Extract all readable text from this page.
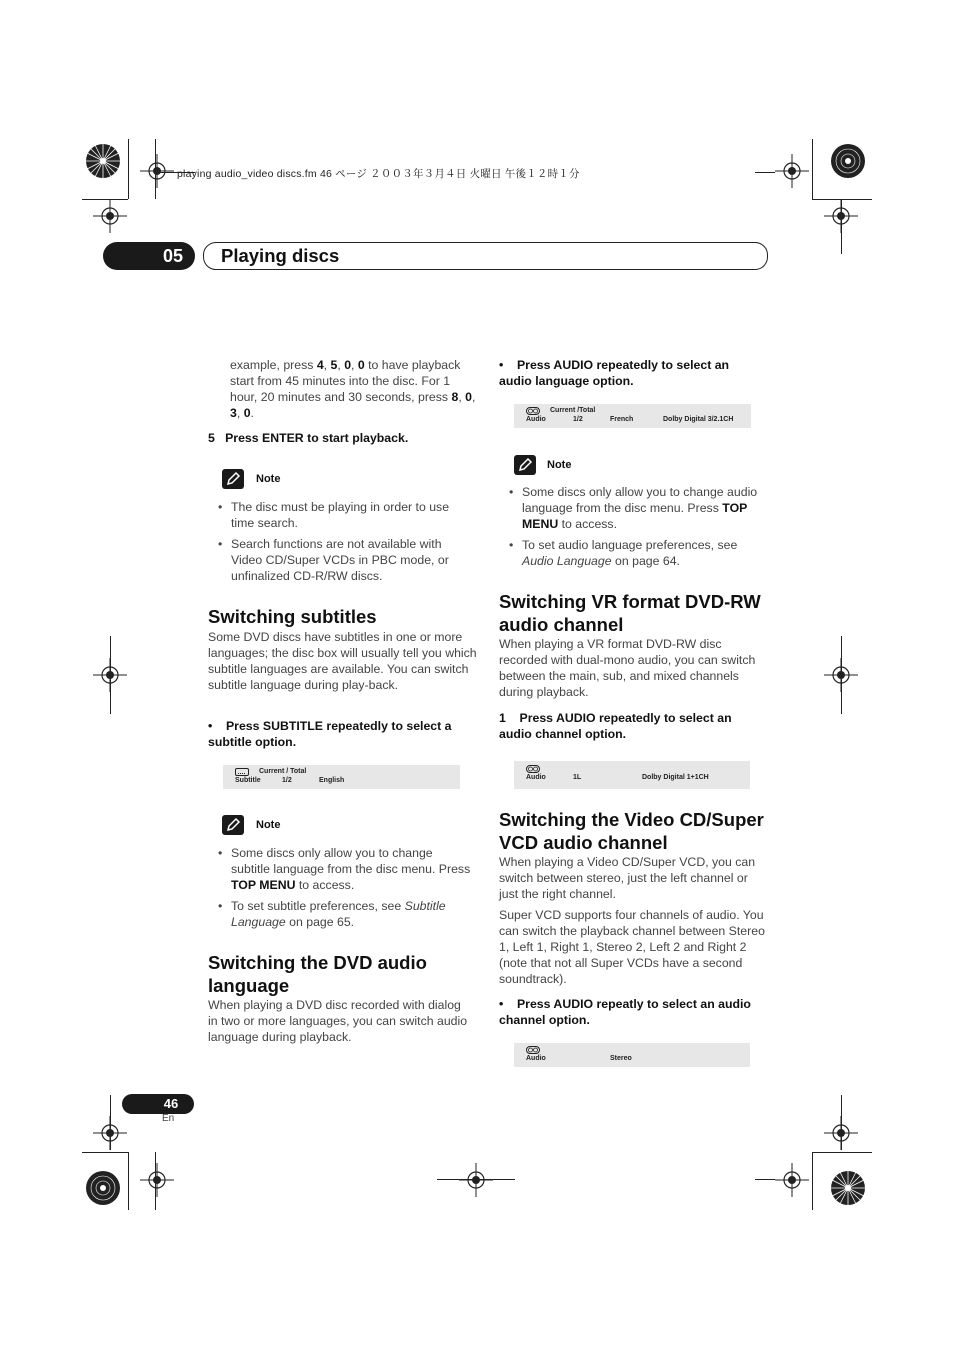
playing audio_video discs.fm 46 ページ ２００３年３月４日 火曜日 午後１２時１分
05	Playing discs
example, press 4, 5, 0, 0 to have playback start from 45 minutes into the disc. For 1 hour, 20 minutes and 30 seconds, press 8, 0, 3, 0.
5   Press ENTER to start playback.
Note
• The disc must be playing in order to use time search.
• Search functions are not available with Video CD/Super VCDs in PBC mode, or unfinalized CD-R/RW discs.
Switching subtitles
Some DVD discs have subtitles in one or more languages; the disc box will usually tell you which subtitle languages are available. You can switch subtitle language during play-back.
•    Press SUBTITLE repeatedly to select a subtitle option.
Current / Total
Subtitle	1/2	English
Note
• Some discs only allow you to change subtitle language from the disc menu. Press TOP MENU to access.
• To set subtitle preferences, see Subtitle Language on page 65.
Switching the DVD audio language
When playing a DVD disc recorded with dialog in two or more languages, you can switch audio language during playback.
•    Press AUDIO repeatedly to select an audio language option.
Current /Total
Audio	1/2	French	Dolby Digital 3/2.1CH
Note
• Some discs only allow you to change audio language from the disc menu. Press TOP MENU to access.
• To set audio language preferences, see Audio Language on page 64.
Switching VR format DVD-RW audio channel
When playing a VR format DVD-RW disc recorded with dual-mono audio, you can switch between the main, sub, and mixed channels during playback.
1    Press AUDIO repeatedly to select an audio channel option.
Audio	1L	Dolby Digital 1+1CH
Switching the Video CD/Super VCD audio channel
When playing a Video CD/Super VCD, you can switch between stereo, just the left channel or just the right channel.
Super VCD supports four channels of audio. You can switch the playback channel between Stereo 1, Left 1, Right 1, Stereo 2, Left 2 and Right 2 (note that not all Super VCDs have a second soundtrack).
•    Press AUDIO repeatly to select an audio channel option.
Audio	Stereo
46
En
